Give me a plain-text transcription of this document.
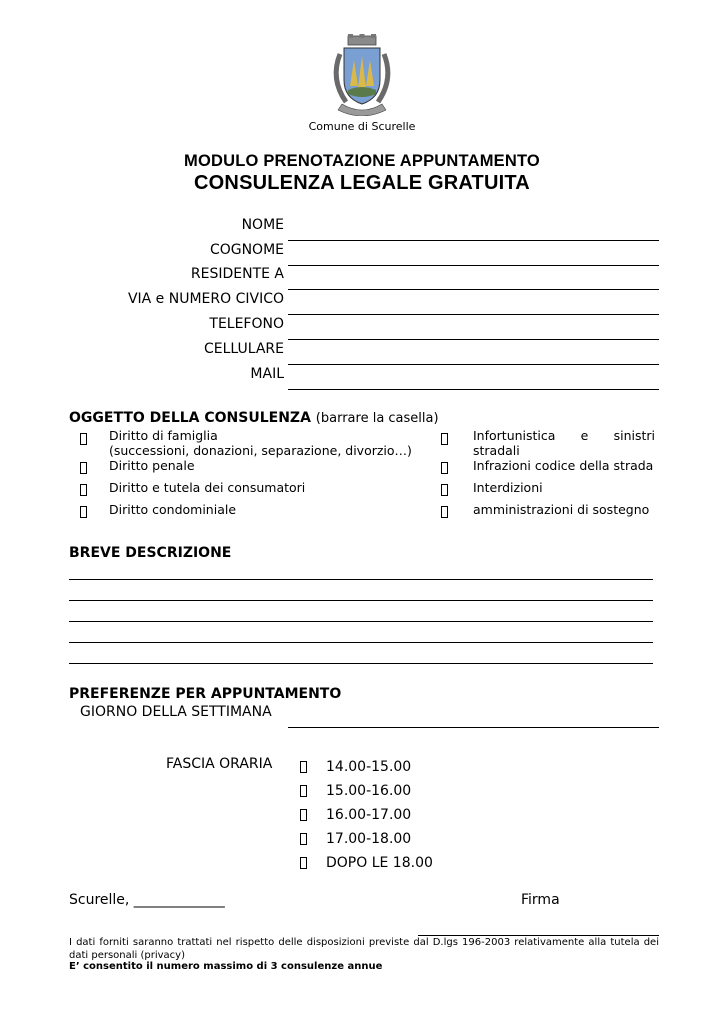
Comune di Scurelle
MODULO PRENOTAZIONE APPUNTAMENTO
CONSULENZA LEGALE GRATUITA
NOME
COGNOME
RESIDENTE A
VIA e NUMERO CIVICO
TELEFONO
CELLULARE
MAIL
OGGETTO DELLA CONSULENZA (barrare la casella)
Diritto di famiglia
(successioni, donazioni, separazione, divorzio…)
Diritto penale
Diritto e tutela dei consumatori
Diritto condominiale
Infortunistica e sinistri
stradali
Infrazioni codice della strada
Interdizioni
amministrazioni di sostegno
BREVE DESCRIZIONE
PREFERENZE PER APPUNTAMENTO
GIORNO DELLA SETTIMANA
FASCIA ORARIA	14.00-15.00
15.00-16.00
16.00-17.00
17.00-18.00
DOPO LE 18.00
Scurelle, _____________	Firma
I dati forniti saranno trattati nel rispetto delle disposizioni previste dal D.lgs 196-2003 relativamente alla tutela dei dati personali (privacy)
E’ consentito il numero massimo di 3 consulenze annue
